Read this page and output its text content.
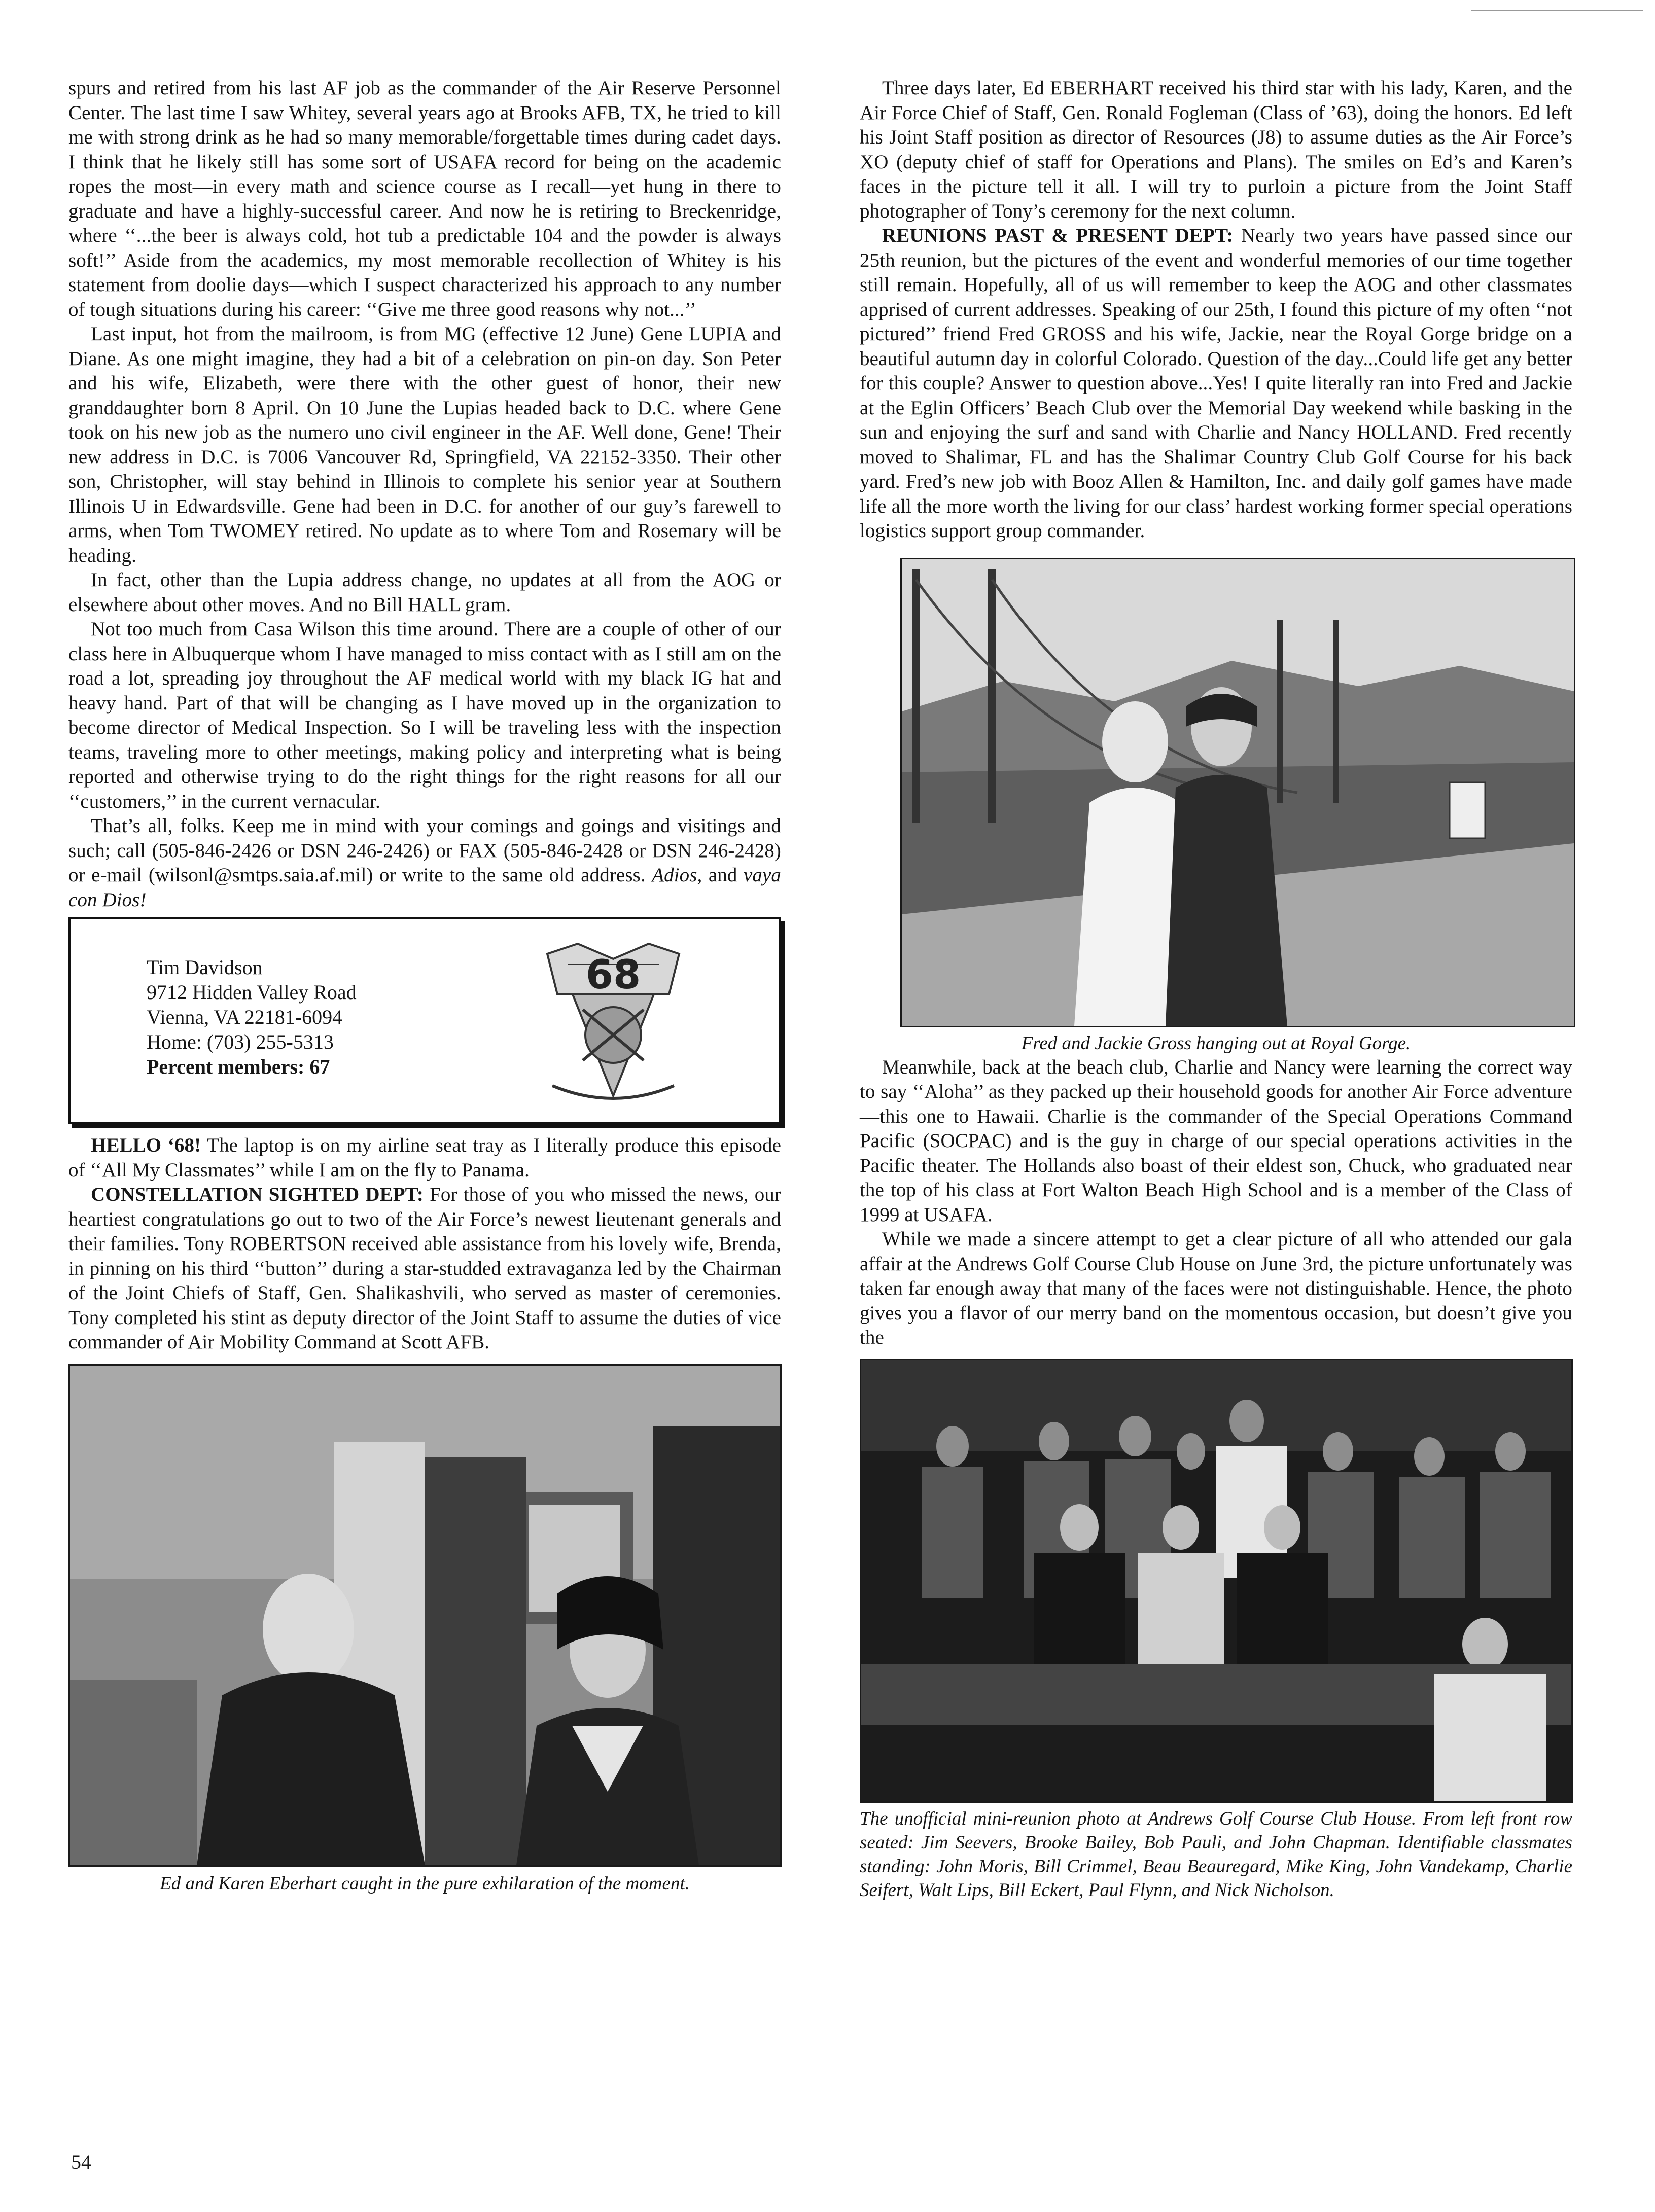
spurs and retired from his last AF job as the commander of the Air Reserve Personnel Center. The last time I saw Whitey, several years ago at Brooks AFB, TX, he tried to kill me with strong drink as he had so many memorable/forgettable times during cadet days. I think that he likely still has some sort of USAFA record for being on the academic ropes the most—in every math and science course as I recall—yet hung in there to graduate and have a highly-successful career. And now he is retiring to Breckenridge, where ‘‘...the beer is always cold, hot tub a predictable 104 and the powder is always soft!’’ Aside from the academics, my most memorable recollection of Whitey is his statement from doolie days—which I suspect characterized his approach to any number of tough situations during his career: ‘‘Give me three good reasons why not...’’

Last input, hot from the mailroom, is from MG (effective 12 June) Gene LUPIA and Diane. As one might imagine, they had a bit of a celebration on pin-on day. Son Peter and his wife, Elizabeth, were there with the other guest of honor, their new granddaughter born 8 April. On 10 June the Lupias headed back to D.C. where Gene took on his new job as the numero uno civil engineer in the AF. Well done, Gene! Their new address in D.C. is 7006 Vancouver Rd, Springfield, VA 22152-3350. Their other son, Christopher, will stay behind in Illinois to complete his senior year at Southern Illinois U in Edwardsville. Gene had been in D.C. for another of our guy’s farewell to arms, when Tom TWOMEY retired. No update as to where Tom and Rosemary will be heading.

In fact, other than the Lupia address change, no updates at all from the AOG or elsewhere about other moves. And no Bill HALL gram.

Not too much from Casa Wilson this time around. There are a couple of other of our class here in Albuquerque whom I have managed to miss contact with as I still am on the road a lot, spreading joy throughout the AF medical world with my black IG hat and heavy hand. Part of that will be changing as I have moved up in the organization to become director of Medical Inspection. So I will be traveling less with the inspection teams, traveling more to other meetings, making policy and interpreting what is being reported and otherwise trying to do the right things for the right reasons for all our ‘‘customers,’’ in the current vernacular.

That’s all, folks. Keep me in mind with your comings and goings and visitings and such; call (505-846-2426 or DSN 246-2426) or FAX (505-846-2428 or DSN 246-2428) or e-mail (wilsonl@smtps.saia.af.mil) or write to the same old address. Adios, and vaya con Dios!

Tim Davidson
9712 Hidden Valley Road
Vienna, VA 22181-6094
Home: (703) 255-5313
Percent members: 67
68

HELLO ‘68! The laptop is on my airline seat tray as I literally produce this episode of ‘‘All My Classmates’’ while I am on the fly to Panama.

CONSTELLATION SIGHTED DEPT: For those of you who missed the news, our heartiest congratulations go out to two of the Air Force’s newest lieutenant generals and their families. Tony ROBERTSON received able assistance from his lovely wife, Brenda, in pinning on his third ‘‘button’’ during a star-studded extravaganza led by the Chairman of the Joint Chiefs of Staff, Gen. Shalikashvili, who served as master of ceremonies. Tony completed his stint as deputy director of the Joint Staff to assume the duties of vice commander of Air Mobility Command at Scott AFB.

Ed and Karen Eberhart caught in the pure exhilaration of the moment.

Three days later, Ed EBERHART received his third star with his lady, Karen, and the Air Force Chief of Staff, Gen. Ronald Fogleman (Class of ’63), doing the honors. Ed left his Joint Staff position as director of Resources (J8) to assume duties as the Air Force’s XO (deputy chief of staff for Operations and Plans). The smiles on Ed’s and Karen’s faces in the picture tell it all. I will try to purloin a picture from the Joint Staff photographer of Tony’s ceremony for the next column.

REUNIONS PAST & PRESENT DEPT: Nearly two years have passed since our 25th reunion, but the pictures of the event and wonderful memories of our time together still remain. Hopefully, all of us will remember to keep the AOG and other classmates apprised of current addresses. Speaking of our 25th, I found this picture of my often ‘‘not pictured’’ friend Fred GROSS and his wife, Jackie, near the Royal Gorge bridge on a beautiful autumn day in colorful Colorado. Question of the day...Could life get any better for this couple? Answer to question above...Yes! I quite literally ran into Fred and Jackie at the Eglin Officers’ Beach Club over the Memorial Day weekend while basking in the sun and enjoying the surf and sand with Charlie and Nancy HOLLAND. Fred recently moved to Shalimar, FL and has the Shalimar Country Club Golf Course for his back yard. Fred’s new job with Booz Allen & Hamilton, Inc. and daily golf games have made life all the more worth the living for our class’ hardest working former special operations logistics support group commander.

Fred and Jackie Gross hanging out at Royal Gorge.

Meanwhile, back at the beach club, Charlie and Nancy were learning the correct way to say ‘‘Aloha’’ as they packed up their household goods for another Air Force adventure—this one to Hawaii. Charlie is the commander of the Special Operations Command Pacific (SOCPAC) and is the guy in charge of our special operations activities in the Pacific theater. The Hollands also boast of their eldest son, Chuck, who graduated near the top of his class at Fort Walton Beach High School and is a member of the Class of 1999 at USAFA.

While we made a sincere attempt to get a clear picture of all who attended our gala affair at the Andrews Golf Course Club House on June 3rd, the picture unfortunately was taken far enough away that many of the faces were not distinguishable. Hence, the photo gives you a flavor of our merry band on the momentous occasion, but doesn’t give you the

The unofficial mini-reunion photo at Andrews Golf Course Club House. From left front row seated: Jim Seevers, Brooke Bailey, Bob Pauli, and John Chapman. Identifiable classmates standing: John Moris, Bill Crimmel, Beau Beauregard, Mike King, John Vandekamp, Charlie Seifert, Walt Lips, Bill Eckert, Paul Flynn, and Nick Nicholson.

54
